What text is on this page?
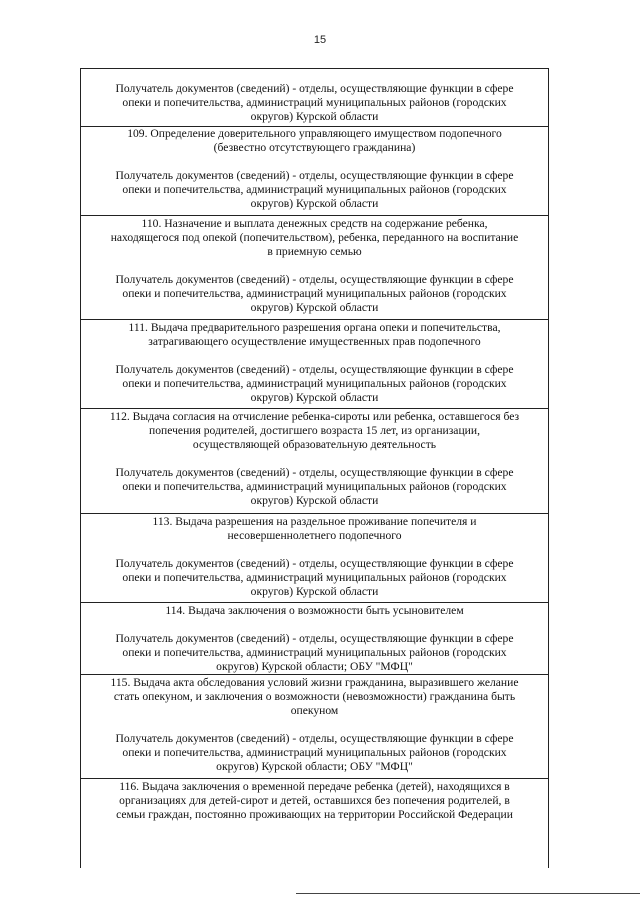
15

Получатель документов (сведений) - отделы, осуществляющие функции в сфере

опеки и попечительства, администраций муниципальных районов (городских

округов) Курской области

109. Определение доверительного управляющего имуществом подопечного

(безвестно отсутствующего гражданина)

Получатель документов (сведений) - отделы, осуществляющие функции в сфере

опеки и попечительства, администраций муниципальных районов (городских

округов) Курской области

110. Назначение и выплата денежных средств на содержание ребенка,

находящегося под опекой (попечительством), ребенка, переданного на воспитание

в приемную семью

Получатель документов (сведений) - отделы, осуществляющие функции в сфере

опеки и попечительства, администраций муниципальных районов (городских

округов) Курской области

111. Выдача предварительного разрешения органа опеки и попечительства,

затрагивающего осуществление имущественных прав подопечного

Получатель документов (сведений) - отделы, осуществляющие функции в сфере

опеки и попечительства, администраций муниципальных районов (городских

округов) Курской области

112. Выдача согласия на отчисление ребенка-сироты или ребенка, оставшегося без

попечения родителей, достигшего возраста 15 лет, из организации,

осуществляющей образовательную деятельность

Получатель документов (сведений) - отделы, осуществляющие функции в сфере

опеки и попечительства, администраций муниципальных районов (городских

округов) Курской области

113. Выдача разрешения на раздельное проживание попечителя и

несовершеннолетнего подопечного

Получатель документов (сведений) - отделы, осуществляющие функции в сфере

опеки и попечительства, администраций муниципальных районов (городских

округов) Курской области

114. Выдача заключения о возможности быть усыновителем

Получатель документов (сведений) - отделы, осуществляющие функции в сфере

опеки и попечительства, администраций муниципальных районов (городских

округов) Курской области; ОБУ "МФЦ"

115. Выдача акта обследования условий жизни гражданина, выразившего желание

стать опекуном, и заключения о возможности (невозможности) гражданина быть

опекуном

Получатель документов (сведений) - отделы, осуществляющие функции в сфере

опеки и попечительства, администраций муниципальных районов (городских

округов) Курской области; ОБУ "МФЦ"

116. Выдача заключения о временной передаче ребенка (детей), находящихся в

организациях для детей-сирот и детей, оставшихся без попечения родителей, в

семьи граждан, постоянно проживающих на территории Российской Федерации
